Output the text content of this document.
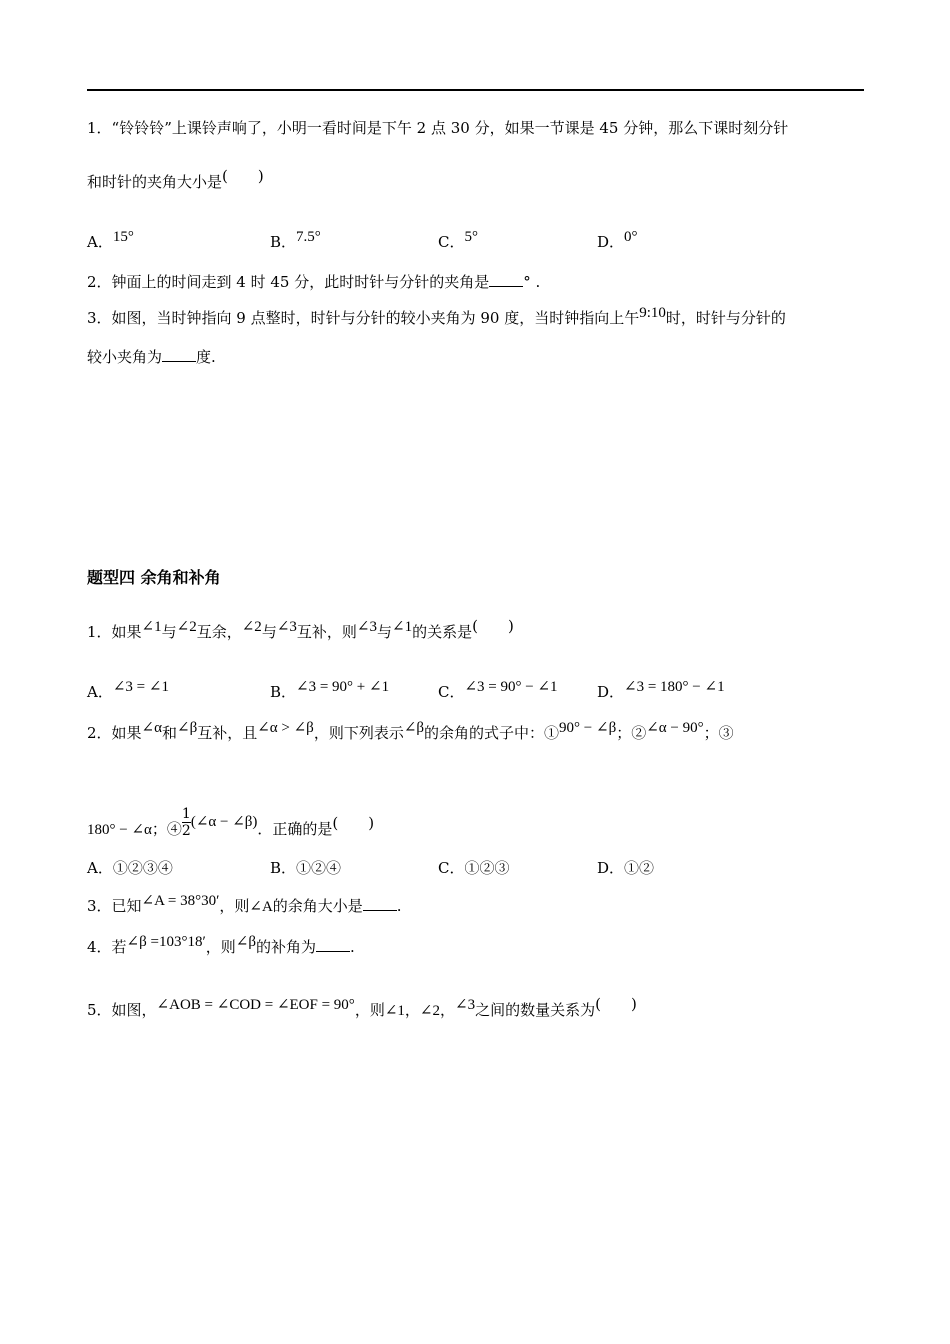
1．“铃铃铃”上课铃声响了，小明一看时间是下午 2 点 30 分，如果一节课是 45 分钟，那么下课时刻分针
和时针的夹角大小是(　　)
A．15°	B．7.5°	C．5°	D．0°
2．钟面上的时间走到 4 时 45 分，此时时针与分针的夹角是 ° .
3．如图，当时钟指向 9 点整时，时针与分针的较小夹角为 90 度，当时钟指向上午9:10时，时针与分针的
较小夹角为 度.
题型四 余角和补角
1．如果∠1与∠2互余，∠2与∠3互补，则∠3与∠1的关系是(　　)
A．∠3 = ∠1	B．∠3 = 90° + ∠1	C．∠3 = 90° − ∠1	D．∠3 = 180° − ∠1
2．如果∠α和∠β互补，且∠α > ∠β，则下列表示∠β的余角的式子中：①90° − ∠β；②∠α − 90°；③
180° − ∠α；④ $\frac{1}{2}$ (∠α − ∠β)．正确的是(　　)
A．①②③④	B．①②④	C．①②③	D．①②
3．已知∠A = 38°30′，则∠A的余角大小是 .
4．若∠β =103°18′，则∠β的补角为 .
5．如图，∠AOB = ∠COD = ∠EOF = 90°，则∠1，∠2，∠3之间的数量关系为(　　)
